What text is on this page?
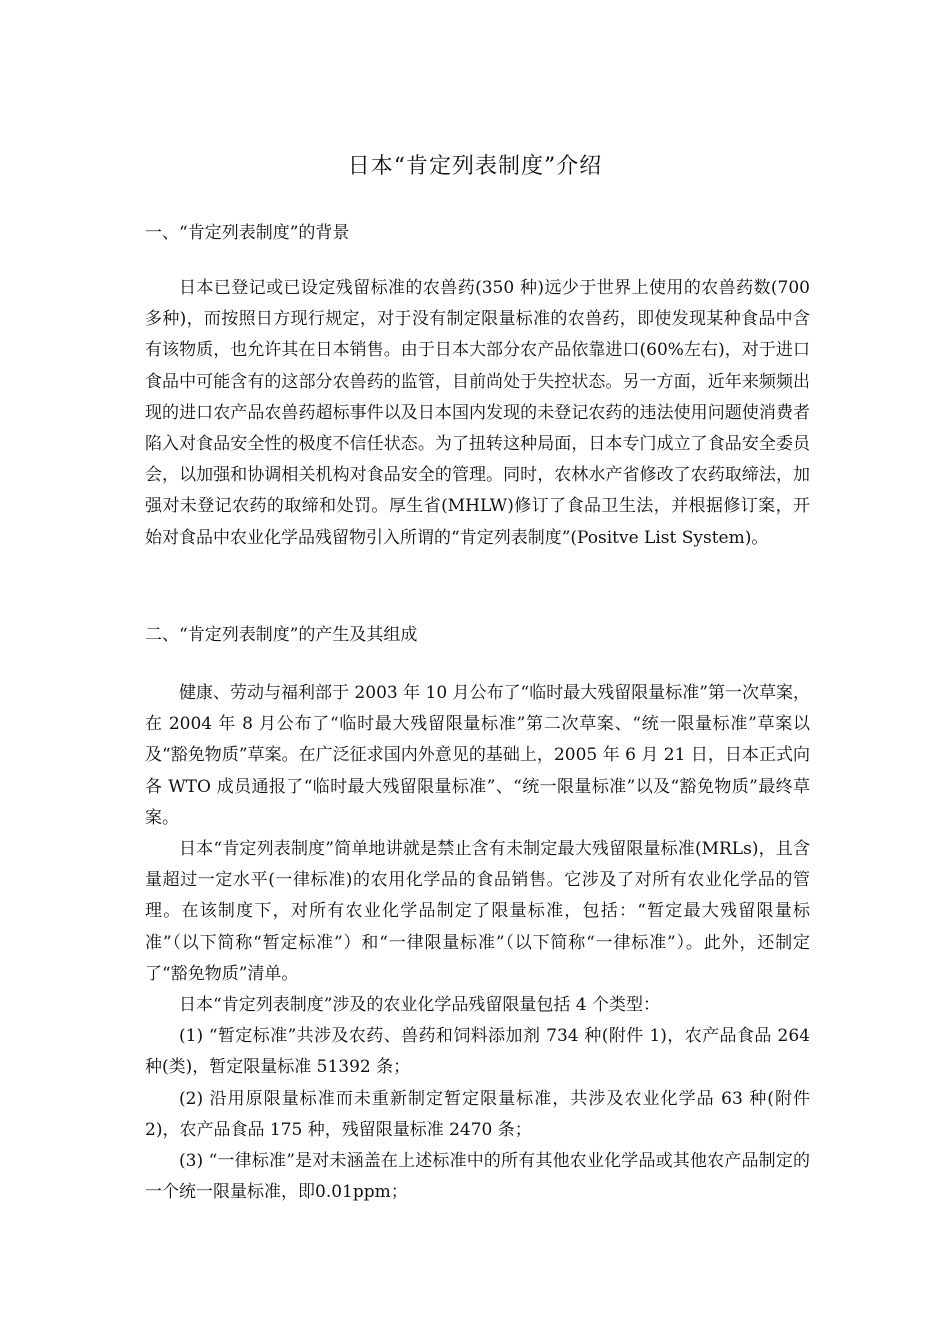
日本“肯定列表制度”介绍
一、“肯定列表制度”的背景

日本已登记或已设定残留标准的农兽药(350 种)远少于世界上使用的农兽药数(700 多种)，而按照日方现行规定，对于没有制定限量标准的农兽药，即使发现某种食品中含有该物质，也允许其在日本销售。由于日本大部分农产品依靠进口(60%左右)，对于进口食品中可能含有的这部分农兽药的监管，目前尚处于失控状态。另一方面，近年来频频出现的进口农产品农兽药超标事件以及日本国内发现的未登记农药的违法使用问题使消费者陷入对食品安全性的极度不信任状态。为了扭转这种局面，日本专门成立了食品安全委员会，以加强和协调相关机构对食品安全的管理。同时，农林水产省修改了农药取缔法，加强对未登记农药的取缔和处罚。厚生省(MHLW)修订了食品卫生法，并根据修订案，开始对食品中农业化学品残留物引入所谓的“肯定列表制度”(Positve List System)。

二、“肯定列表制度”的产生及其组成

健康、劳动与福利部于 2003 年 10 月公布了“临时最大残留限量标准”第一次草案，在 2004 年 8 月公布了“临时最大残留限量标准”第二次草案、“统一限量标准”草案以及“豁免物质”草案。在广泛征求国内外意见的基础上，2005 年 6 月 21 日，日本正式向各 WTO 成员通报了“临时最大残留限量标准”、“统一限量标准”以及“豁免物质”最终草案。

日本“肯定列表制度”简单地讲就是禁止含有未制定最大残留限量标准(MRLs)，且含量超过一定水平(一律标准)的农用化学品的食品销售。它涉及了对所有农业化学品的管理。在该制度下，对所有农业化学品制定了限量标准，包括：“暂定最大残留限量标准”（以下简称“暂定标准”）和“一律限量标准”（以下简称“一律标准”）。此外，还制定了“豁免物质”清单。

日本“肯定列表制度”涉及的农业化学品残留限量包括 4 个类型：

(1) “暂定标准”共涉及农药、兽药和饲料添加剂 734 种(附件 1)，农产品食品 264 种(类)，暂定限量标准 51392 条；

(2) 沿用原限量标准而未重新制定暂定限量标准，共涉及农业化学品 63 种(附件 2)，农产品食品 175 种，残留限量标准 2470 条；

(3) “一律标准”是对未涵盖在上述标准中的所有其他农业化学品或其他农产品制定的一个统一限量标准，即0.01ppm；
